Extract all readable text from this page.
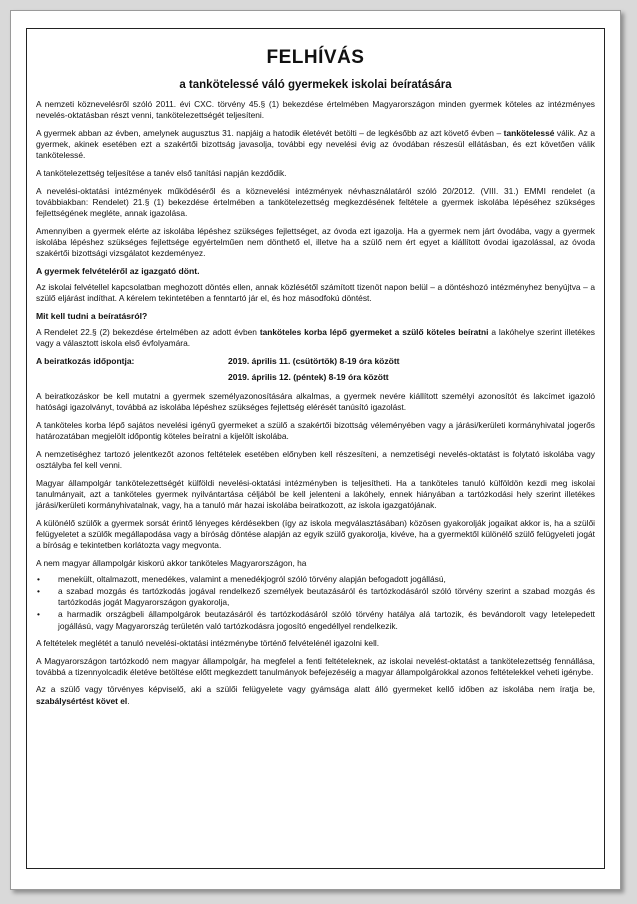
FELHÍVÁS
a tankötelessé váló gyermekek iskolai beíratására

A nemzeti köznevelésről szóló 2011. évi CXC. törvény 45.§ (1) bekezdése értelmében Magyarországon minden gyermek köteles az intézményes nevelés-oktatásban részt venni, tankötelezettségét teljesíteni.

A gyermek abban az évben, amelynek augusztus 31. napjáig a hatodik életévét betölti – de legkésőbb az azt követő évben – tankötelessé válik. Az a gyermek, akinek esetében ezt a szakértői bizottság javasolja, további egy nevelési évig az óvodában részesül ellátásban, és ezt követően válik tankötelessé.

A tankötelezettség teljesítése a tanév első tanítási napján kezdődik.

A nevelési-oktatási intézmények működéséről és a köznevelési intézmények névhasználatáról szóló 20/2012. (VIII. 31.) EMMI rendelet (a továbbiakban: Rendelet) 21.§ (1) bekezdése értelmében a tankötelezettség megkezdésének feltétele a gyermek iskolába lépéséhez szükséges fejlettségének megléte, annak igazolása.

Amennyiben a gyermek elérte az iskolába lépéshez szükséges fejlettséget, az óvoda ezt igazolja. Ha a gyermek nem járt óvodába, vagy a gyermek iskolába lépéshez szükséges fejlettsége egyértelműen nem dönthető el, illetve ha a szülő nem ért egyet a kiállított óvodai igazolással, az óvoda szakértői bizottsági vizsgálatot kezdeményez.

A gyermek felvételéről az igazgató dönt.

Az iskolai felvétellel kapcsolatban meghozott döntés ellen, annak közlésétől számított tizenöt napon belül – a döntéshozó intézményhez benyújtva – a szülő eljárást indíthat. A kérelem tekintetében a fenntartó jár el, és hoz másodfokú döntést.

Mit kell tudni a beíratásról?

A Rendelet 22.§ (2) bekezdése értelmében az adott évben tanköteles korba lépő gyermeket a szülő köteles beíratni a lakóhelye szerint illetékes vagy a választott iskola első évfolyamára.

A beiratkozás időpontja:	2019. április 11. (csütörtök) 8-19 óra között
2019. április 12. (péntek) 8-19 óra között

A beiratkozáskor be kell mutatni a gyermek személyazonosítására alkalmas, a gyermek nevére kiállított személyi azonosítót és lakcímet igazoló hatósági igazolványt, továbbá az iskolába lépéshez szükséges fejlettség elérését tanúsító igazolást.

A tanköteles korba lépő sajátos nevelési igényű gyermeket a szülő a szakértői bizottság véleményében vagy a járási/kerületi kormányhivatal jogerős határozatában megjelölt időpontig köteles beíratni a kijelölt iskolába.

A nemzetiséghez tartozó jelentkezőt azonos feltételek esetében előnyben kell részesíteni, a nemzetiségi nevelés-oktatást is folytató iskolába vagy osztályba fel kell venni.

Magyar állampolgár tankötelezettségét külföldi nevelési-oktatási intézményben is teljesítheti. Ha a tanköteles tanuló külföldön kezdi meg iskolai tanulmányait, azt a tanköteles gyermek nyilvántartása céljából be kell jelenteni a lakóhely, ennek hiányában a tartózkodási hely szerint illetékes járási/kerületi kormányhivatalnak, vagy, ha a tanuló már hazai iskolába beiratkozott, az iskola igazgatójának.

A különélő szülők a gyermek sorsát érintő lényeges kérdésekben (így az iskola megválasztásában) közösen gyakorolják jogaikat akkor is, ha a szülői felügyeletet a szülők megállapodása vagy a bíróság döntése alapján az egyik szülő gyakorolja, kivéve, ha a gyermektől különélő szülő felügyeleti jogát a bíróság e tekintetben korlátozta vagy megvonta.

A nem magyar állampolgár kiskorú akkor tanköteles Magyarországon, ha

• menekült, oltalmazott, menedékes, valamint a menedékjogról szóló törvény alapján befogadott jogállású,
• a szabad mozgás és tartózkodás jogával rendelkező személyek beutazásáról és tartózkodásáról szóló törvény szerint a szabad mozgás és tartózkodás jogát Magyarországon gyakorolja,
• a harmadik országbeli állampolgárok beutazásáról és tartózkodásáról szóló törvény hatálya alá tartozik, és bevándorolt vagy letelepedett jogállású, vagy Magyarország területén való tartózkodásra jogosító engedéllyel rendelkezik.

A feltételek meglétét a tanuló nevelési-oktatási intézménybe történő felvételénél igazolni kell.

A Magyarországon tartózkodó nem magyar állampolgár, ha megfelel a fenti feltételeknek, az iskolai nevelést-oktatást a tankötelezettség fennállása, továbbá a tizennyolcadik életéve betöltése előtt megkezdett tanulmányok befejezéséig a magyar állampolgárokkal azonos feltételekkel veheti igénybe.

Az a szülő vagy törvényes képviselő, aki a szülői felügyelete vagy gyámsága alatt álló gyermeket kellő időben az iskolába nem íratja be, szabálysértést követ el.
